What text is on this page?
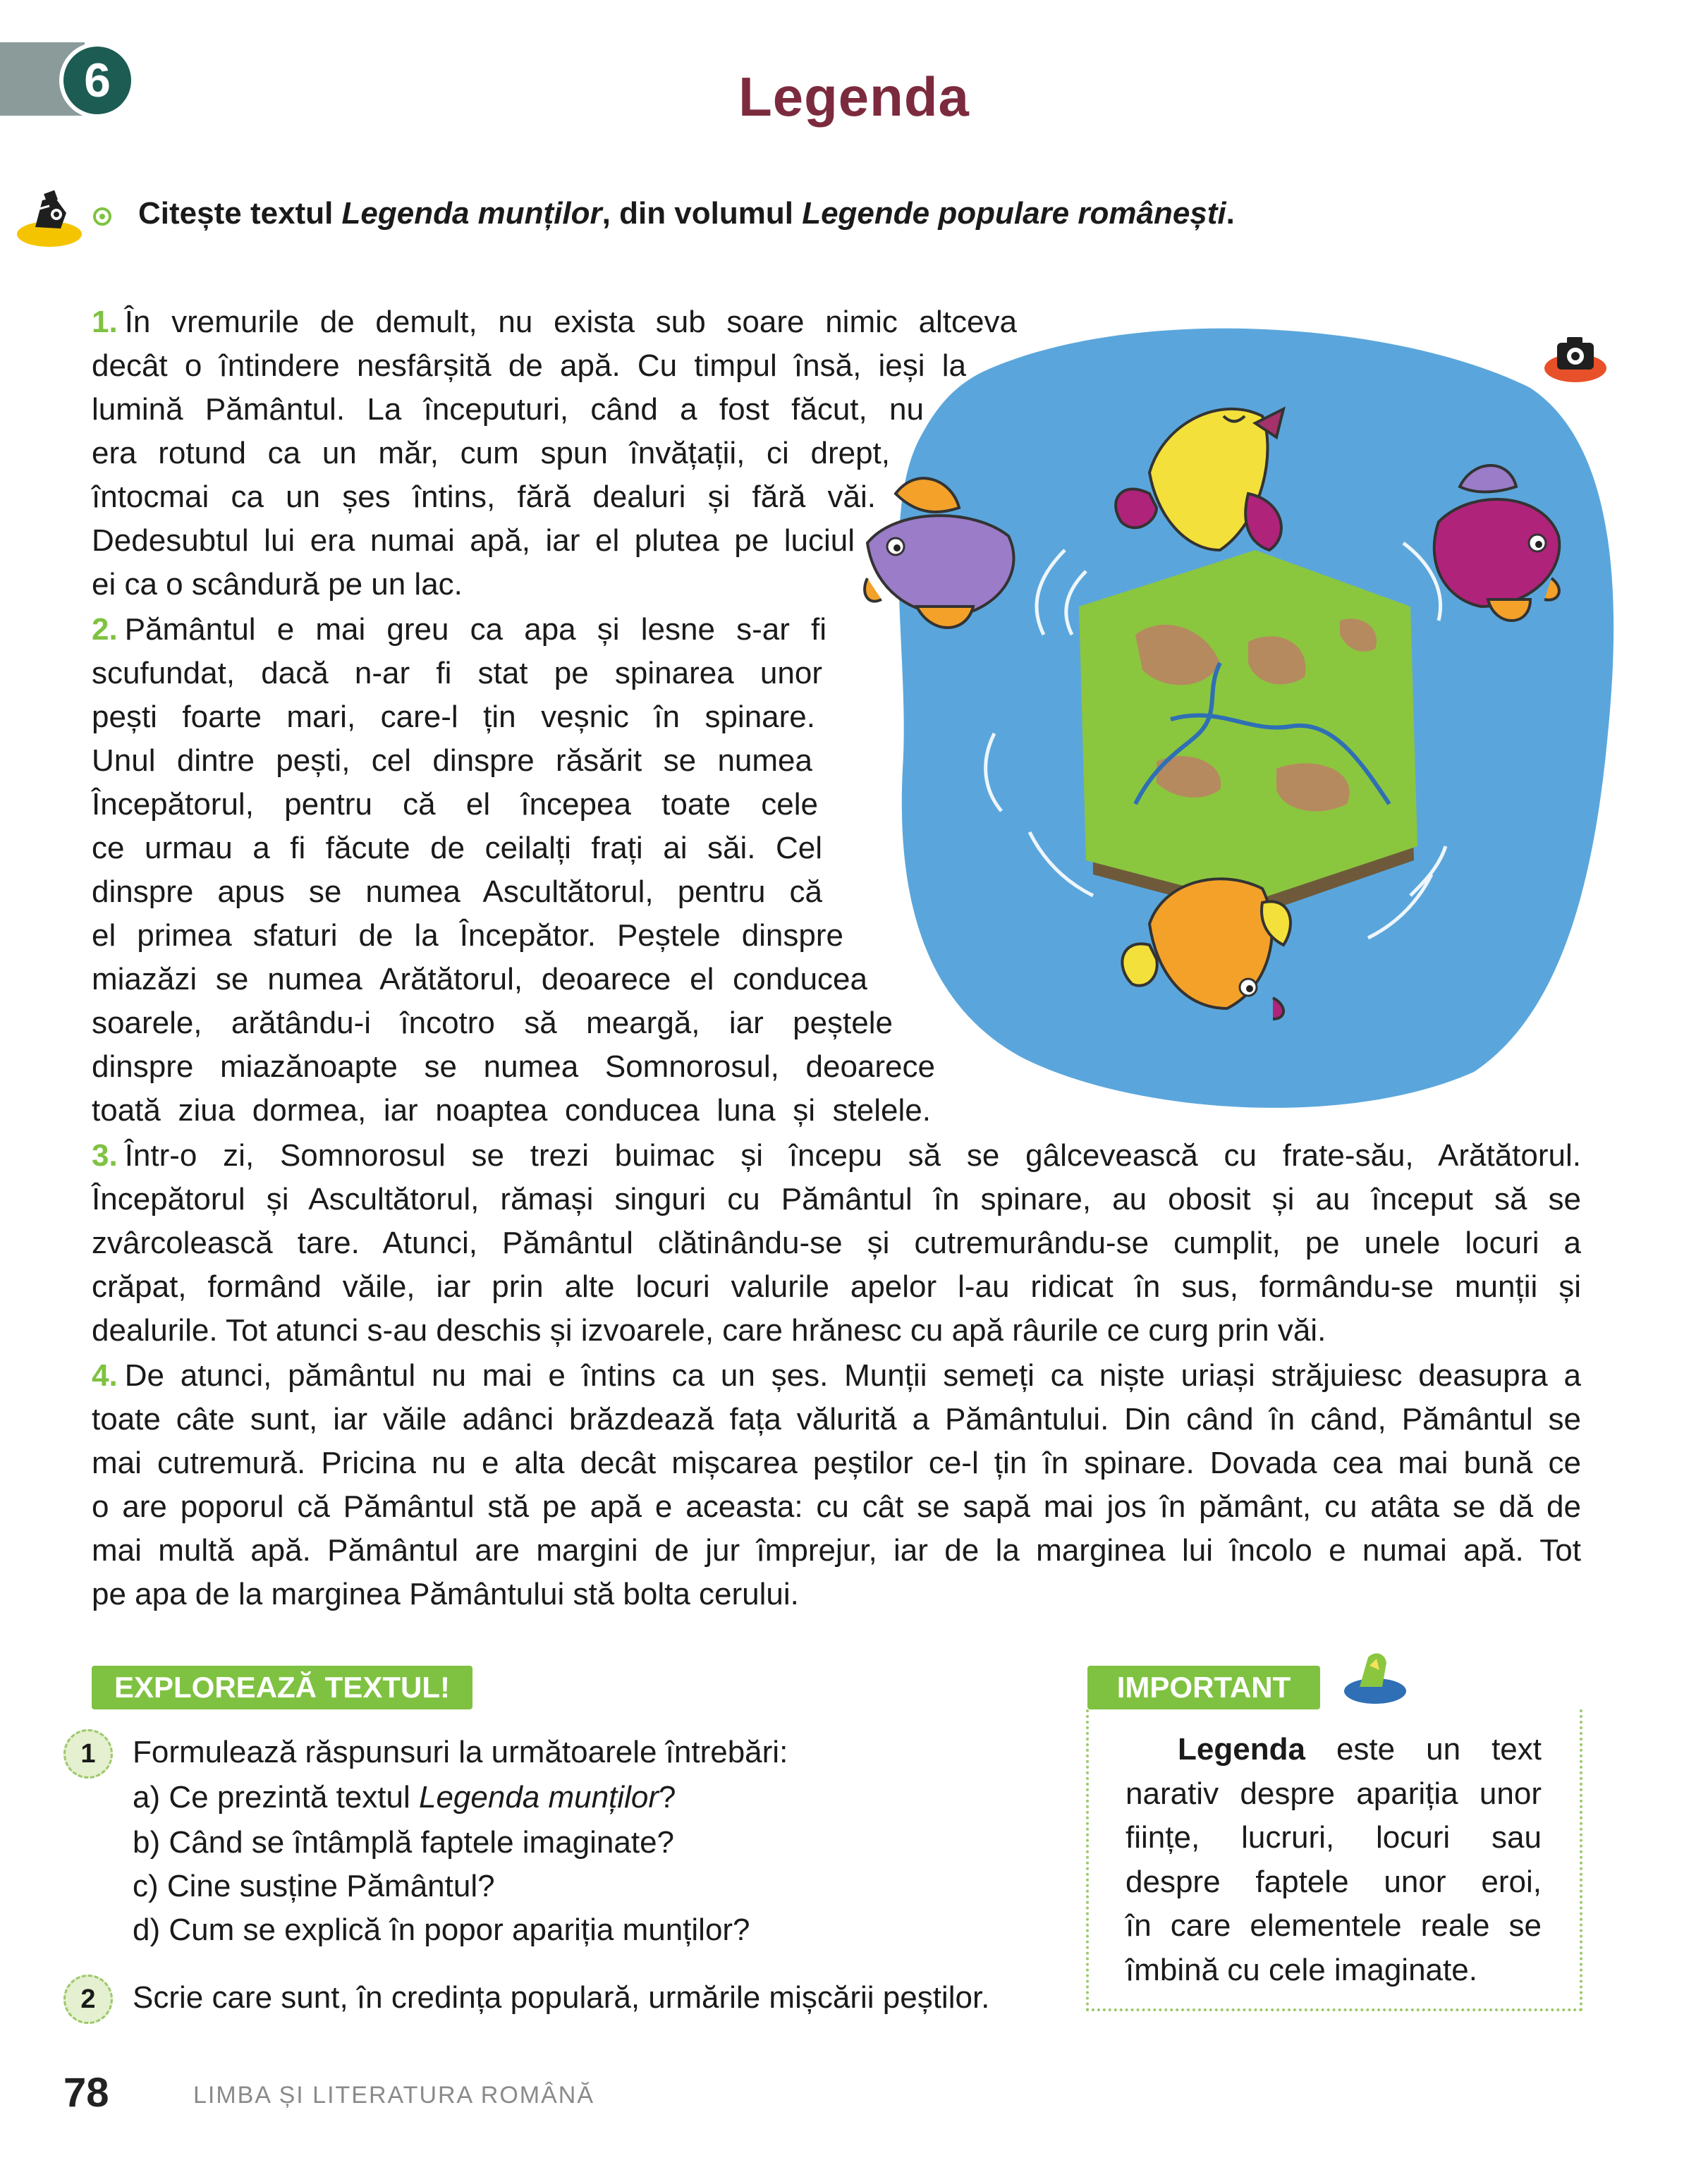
6	Legenda
Citește textul Legenda munților, din volumul Legende populare românești.
1. În vremurile de demult, nu exista sub soare nimic altceva
decât o întindere nesfârșită de apă. Cu timpul însă, ieși la
lumină Pământul. La începuturi, când a fost făcut, nu
era rotund ca un măr, cum spun învățații, ci drept,
întocmai ca un șes întins, fără dealuri și fără văi.
Dedesubtul lui era numai apă, iar el plutea pe luciul
ei ca o scândură pe un lac.
2. Pământul e mai greu ca apa și lesne s-ar fi
scufundat, dacă n-ar fi stat pe spinarea unor
pești foarte mari, care-l țin veșnic în spinare.
Unul dintre pești, cel dinspre răsărit se numea
Începătorul, pentru că el începea toate cele
ce urmau a fi făcute de ceilalți frați ai săi. Cel
dinspre apus se numea Ascultătorul, pentru că
el primea sfaturi de la Începător. Peștele dinspre
miazăzi se numea Arătătorul, deoarece el conducea
soarele, arătându-i încotro să meargă, iar peștele
dinspre miazănoapte se numea Somnorosul, deoarece
toată ziua dormea, iar noaptea conducea luna și stelele.
3. Într-o zi, Somnorosul se trezi buimac și începu să se gâlcevească cu frate-său, Arătătorul.
Începătorul și Ascultătorul, rămași singuri cu Pământul în spinare, au obosit și au început să se
zvârcolească tare. Atunci, Pământul clătinându-se și cutremurându-se cumplit, pe unele locuri a
crăpat, formând văile, iar prin alte locuri valurile apelor l-au ridicat în sus, formându-se munții și
dealurile. Tot atunci s-au deschis și izvoarele, care hrănesc cu apă râurile ce curg prin văi.
4. De atunci, pământul nu mai e întins ca un șes. Munții semeți ca niște uriași străjuiesc deasupra a
toate câte sunt, iar văile adânci brăzdează fața vălurită a Pământului. Din când în când, Pământul se
mai cutremură. Pricina nu e alta decât mișcarea peștilor ce-l țin în spinare. Dovada cea mai bună ce
o are poporul că Pământul stă pe apă e aceasta: cu cât se sapă mai jos în pământ, cu atâta se dă de
mai multă apă. Pământul are margini de jur împrejur, iar de la marginea lui încolo e numai apă. Tot
pe apa de la marginea Pământului stă bolta cerului.
EXPLOREAZĂ TEXTUL!
1	Formulează răspunsuri la următoarele întrebări:
a) Ce prezintă textul Legenda munților?
b) Când se întâmplă faptele imaginate?
c) Cine susține Pământul?
d) Cum se explică în popor apariția munților?
2	Scrie care sunt, în credința populară, urmările mișcării peștilor.
IMPORTANT
Legenda este un text
narativ despre apariția unor
ființe, lucruri, locuri sau
despre faptele unor eroi,
în care elementele reale se
îmbină cu cele imaginate.
78	LIMBA ȘI LITERATURA ROMÂNĂ
